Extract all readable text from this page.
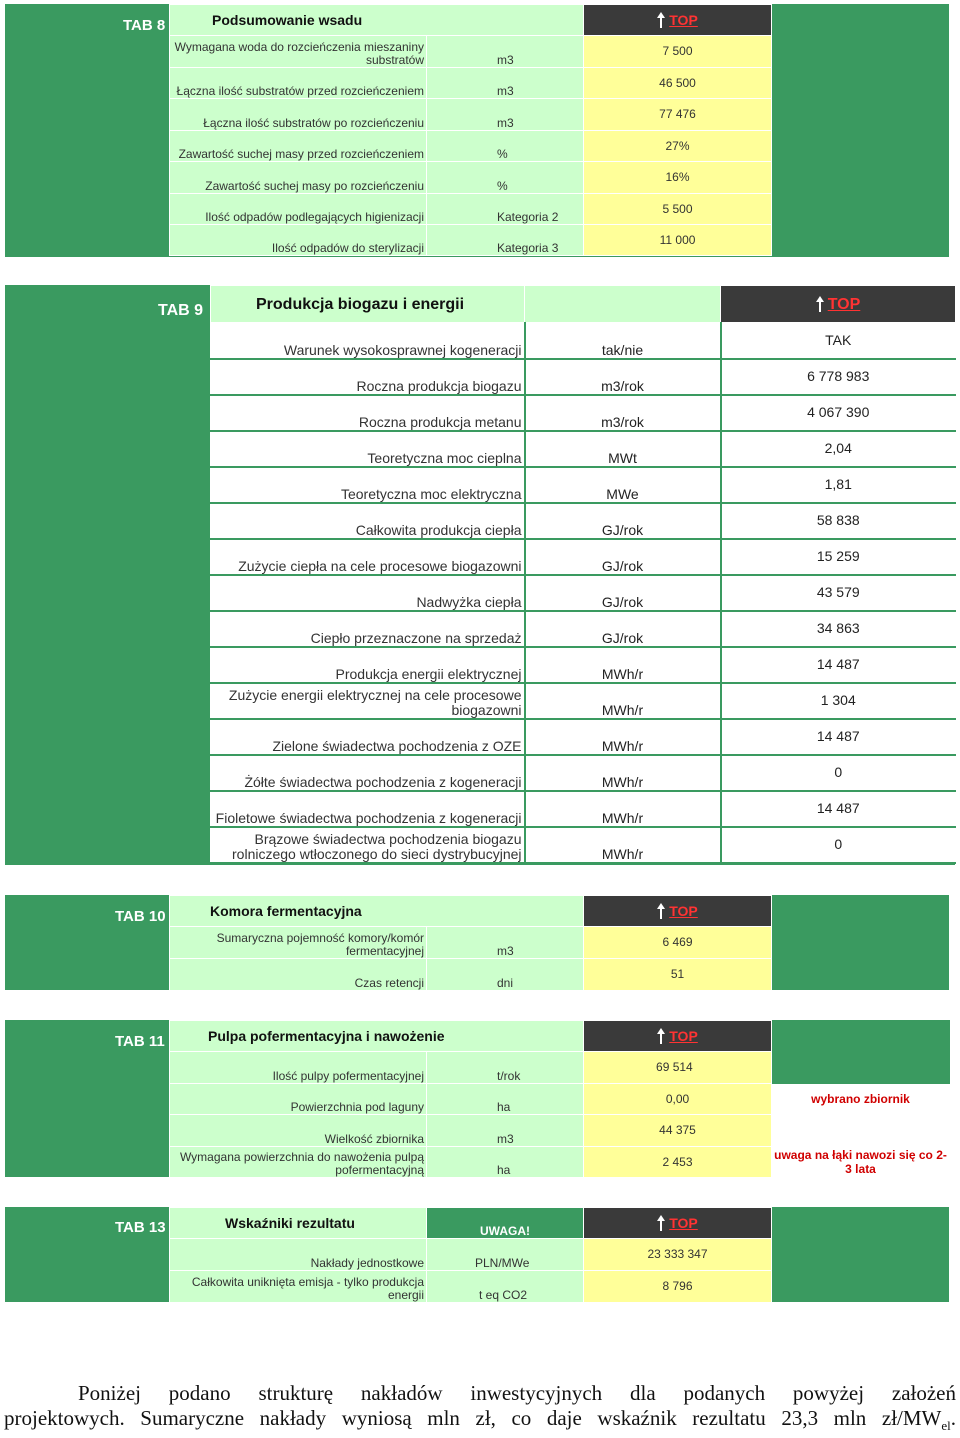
TAB 8	Podsumowanie wsadu		TOP
Wymagana woda do rozcieńczenia mieszaniny substratów	m3	7 500
Łączna ilość substratów przed rozcieńczeniem	m3	46 500
Łączna ilość substratów po rozcieńczeniu	m3	77 476
Zawartość suchej masy przed rozcieńczeniem	%	27%
Zawartość suchej masy po rozcieńczeniu	%	16%
Ilość odpadów podlegających higienizacji	Kategoria 2	5 500
Ilość odpadów do sterylizacji	Kategoria 3	11 000
TAB 9	Produkcja biogazu i energii		TOP
Warunek wysokosprawnej kogeneracji	tak/nie	TAK
Roczna produkcja biogazu	m3/rok	6 778 983
Roczna produkcja metanu	m3/rok	4 067 390
Teoretyczna moc cieplna	MWt	2,04
Teoretyczna moc elektryczna	MWe	1,81
Całkowita produkcja ciepła	GJ/rok	58 838
Zużycie ciepła na cele procesowe biogazowni	GJ/rok	15 259
Nadwyżka ciepła	GJ/rok	43 579
Ciepło przeznaczone na sprzedaż	GJ/rok	34 863
Produkcja energii elektrycznej	MWh/r	14 487
Zużycie energii elektrycznej na cele procesowe biogazowni	MWh/r	1 304
Zielone świadectwa pochodzenia z OZE	MWh/r	14 487
Żółte świadectwa pochodzenia z kogeneracji	MWh/r	0
Fioletowe świadectwa pochodzenia z kogeneracji	MWh/r	14 487
Brązowe świadectwa pochodzenia biogazu rolniczego wtłoczonego do sieci dystrybucyjnej	MWh/r	0
TAB 10	Komora fermentacyjna		TOP
Sumaryczna pojemność komory/komór fermentacyjnej	m3	6 469
Czas retencji	dni	51
TAB 11	Pulpa pofermentacyjna i nawożenie		TOP	
Ilość pulpy pofermentacyjnej	t/rok	69 514	
Powierzchnia pod laguny	ha	0,00	wybrano zbiornik
Wielkość zbiornika	m3	44 375	
Wymagana powierzchnia do nawożenia pulpą pofermentacyjną	ha	2 453	uwaga na łąki nawozi się co 2-3 lata
TAB 13	Wskaźniki rezultatu	UWAGA!	TOP
Nakłady jednostkowe	PLN/MWe	23 333 347
Całkowita uniknięta emisja - tylko produkcja energii	t eq CO2	8 796
Poniżej podano strukturę nakładów inwestycyjnych dla podanych powyżej założeń
projektowych. Sumaryczne nakłady wyniosą mln zł, co daje wskaźnik rezultatu 23,3 mln $zł/MW_{el}$.
